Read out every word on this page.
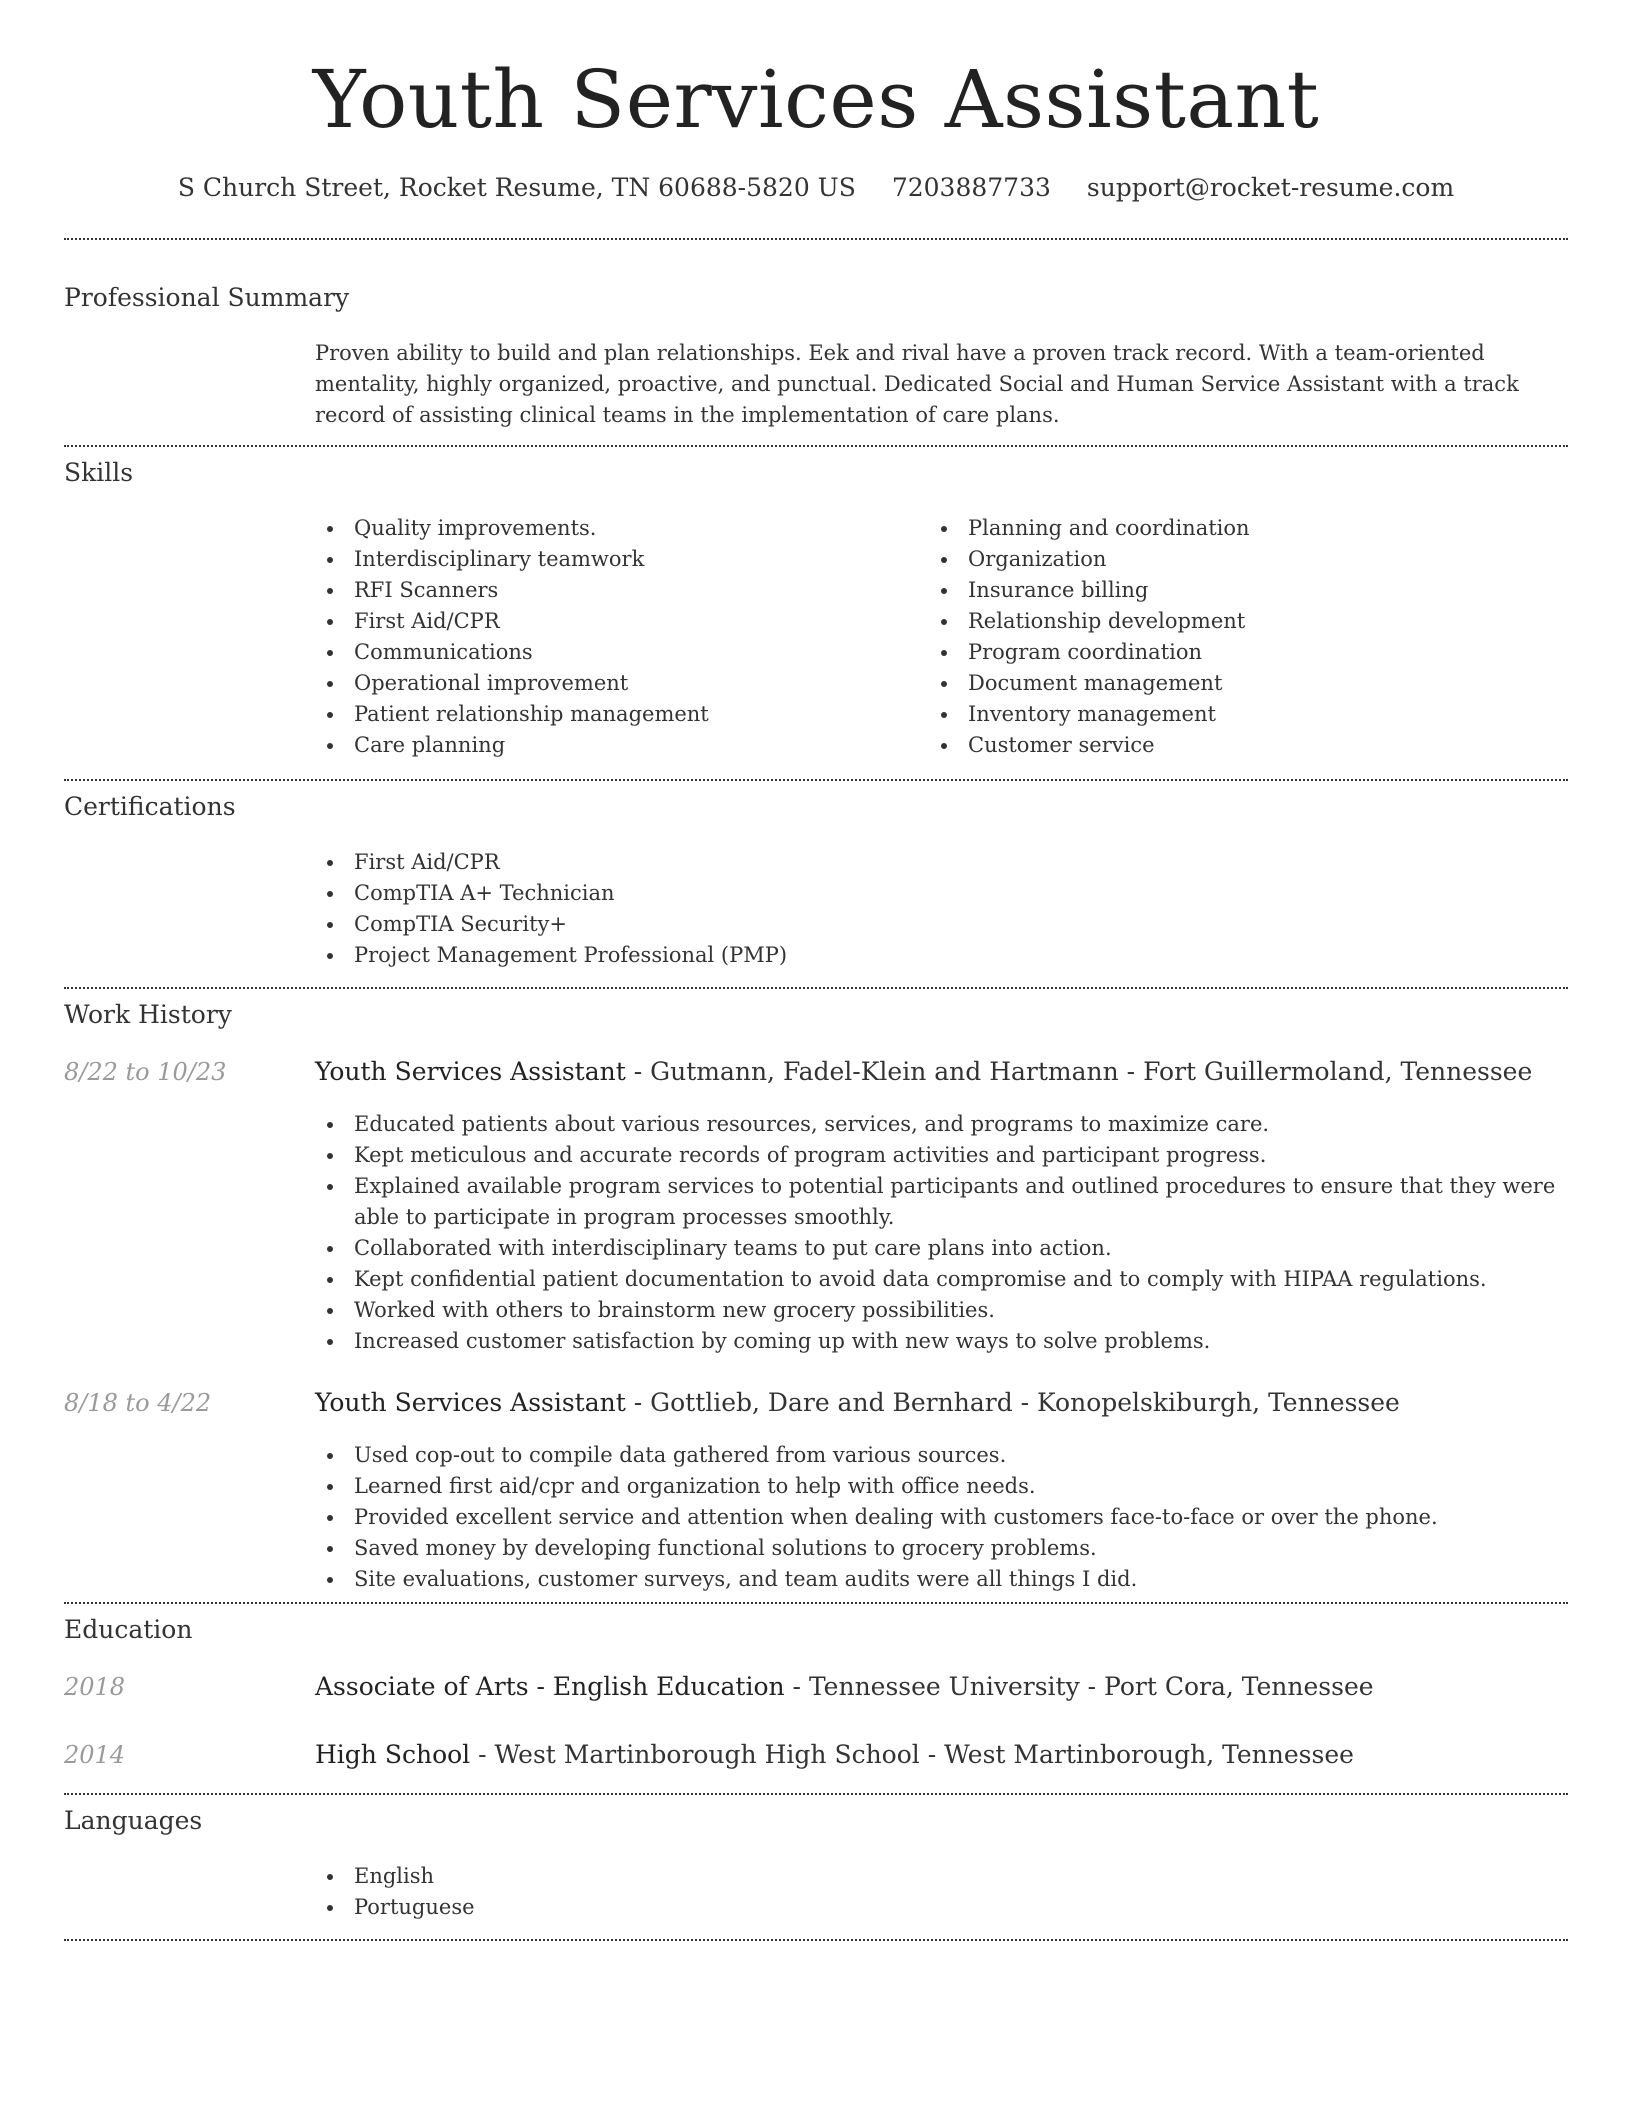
Youth Services Assistant
S Church Street, Rocket Resume, TN 60688-5820 US 7203887733 support@rocket-resume.com
Professional Summary

Proven ability to build and plan relationships. Eek and rival have a proven track record. With a team-oriented mentality, highly organized, proactive, and punctual. Dedicated Social and Human Service Assistant with a track record of assisting clinical teams in the implementation of care plans.

Skills
Quality improvements.
Interdisciplinary teamwork
RFI Scanners
First Aid/CPR
Communications
Operational improvement
Patient relationship management
Care planning
Planning and coordination
Organization
Insurance billing
Relationship development
Program coordination
Document management
Inventory management
Customer service
Certifications
First Aid/CPR
CompTIA A+ Technician
CompTIA Security+
Project Management Professional (PMP)
Work History
8/22 to 10/23	Youth Services Assistant - Gutmann, Fadel-Klein and Hartmann - Fort Guillermoland, Tennessee
Educated patients about various resources, services, and programs to maximize care.
Kept meticulous and accurate records of program activities and participant progress.
Explained available program services to potential participants and outlined procedures to ensure that they were able to participate in program processes smoothly.
Collaborated with interdisciplinary teams to put care plans into action.
Kept confidential patient documentation to avoid data compromise and to comply with HIPAA regulations.
Worked with others to brainstorm new grocery possibilities.
Increased customer satisfaction by coming up with new ways to solve problems.
8/18 to 4/22	Youth Services Assistant - Gottlieb, Dare and Bernhard - Konopelskiburgh, Tennessee
Used cop-out to compile data gathered from various sources.
Learned first aid/cpr and organization to help with office needs.
Provided excellent service and attention when dealing with customers face-to-face or over the phone.
Saved money by developing functional solutions to grocery problems.
Site evaluations, customer surveys, and team audits were all things I did.
Education
2018	Associate of Arts - English Education - Tennessee University - Port Cora, Tennessee
2014	High School - West Martinborough High School - West Martinborough, Tennessee
Languages
English
Portuguese
